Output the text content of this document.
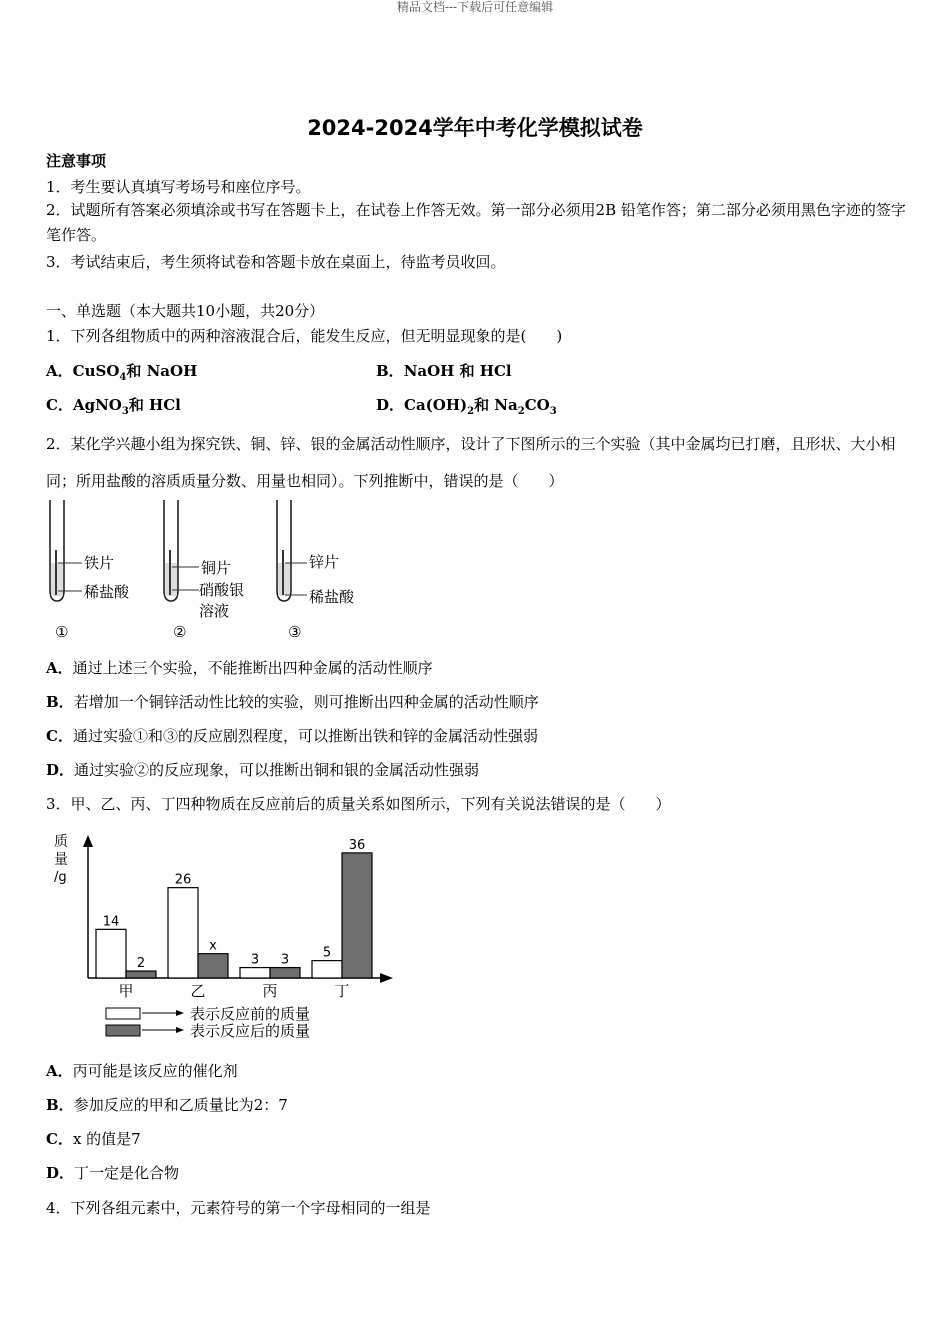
精品文档---下载后可任意编辑
2024-2024学年中考化学模拟试卷
注意事项
1．考生要认真填写考场号和座位序号。
2．试题所有答案必须填涂或书写在答题卡上，在试卷上作答无效。第一部分必须用2B 铅笔作答；第二部分必须用黑色字迹的签字笔作答。
3．考试结束后，考生须将试卷和答题卡放在桌面上，待监考员收回。
一、单选题（本大题共10小题，共20分）
1．下列各组物质中的两种溶液混合后，能发生反应，但无明显现象的是(　　)
A．CuSO$_4$和 NaOH	B．NaOH 和 HCl
C．AgNO$_3$和 HCl	D．$Ca(OH)_2$和 $Na_2CO_3$
2．某化学兴趣小组为探究铁、铜、锌、银的金属活动性顺序，设计了下图所示的三个实验（其中金属均已打磨，且形状、大小相同；所用盐酸的溶质质量分数、用量也相同）。下列推断中，错误的是（　　）
铁片
稀盐酸
①
铜片
硝酸银
溶液
②
锌片
稀盐酸
③
A．通过上述三个实验，不能推断出四种金属的活动性顺序
B．若增加一个铜锌活动性比较的实验，则可推断出四种金属的活动性顺序
C．通过实验①和③的反应剧烈程度，可以推断出铁和锌的金属活动性强弱
D．通过实验②的反应现象，可以推断出铜和银的金属活动性强弱
3．甲、乙、丙、丁四种物质在反应前后的质量关系如图所示，下列有关说法错误的是（　　）
质
量
/g
14
2
26
x
3 3	5
36
甲	乙	丙	丁
表示反应前的质量
表示反应后的质量
A．丙可能是该反应的催化剂
B．参加反应的甲和乙质量比为2：7
C．x 的值是7
D．丁一定是化合物
4．下列各组元素中，元素符号的第一个字母相同的一组是
